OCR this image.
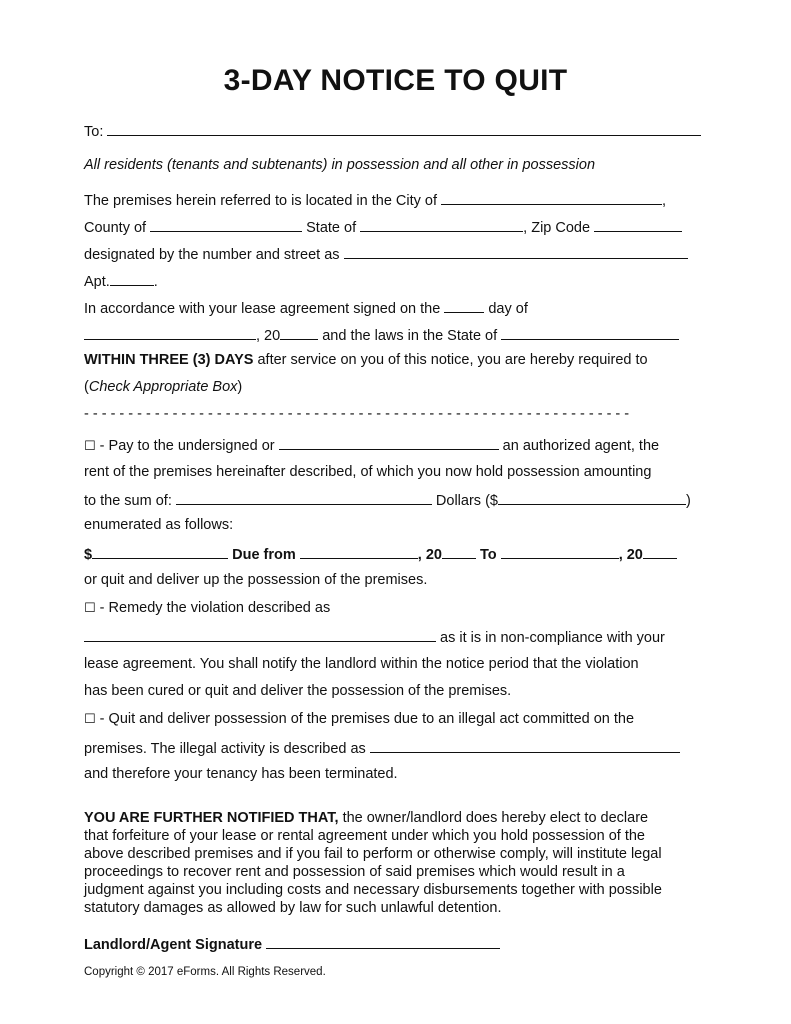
3-DAY NOTICE TO QUIT
To:
All residents (tenants and subtenants) in possession and all other in possession
The premises herein referred to is located in the City of	,
County of	State of	, Zip Code
designated by the number and street as
Apt.	.
In accordance with your lease agreement signed on the	day of
, 20	and the laws in the State of
WITHIN THREE (3) DAYS after service on you of this notice, you are hereby required to
(Check Appropriate Box)
- - - - - - - - - - - - - - - - - - - - - - - - - - - - - - - - - - - - - - - - - - - - - - - - - - - - - - - - - - - - - -
☐ - Pay to the undersigned or	an authorized agent, the
rent of the premises hereinafter described, of which you now hold possession amounting
to the sum of:	Dollars ($	)
enumerated as follows:
$	Due from	, 20	To	, 20
or quit and deliver up the possession of the premises.
☐ - Remedy the violation described as
as it is in non-compliance with your
lease agreement. You shall notify the landlord within the notice period that the violation
has been cured or quit and deliver the possession of the premises.
☐ - Quit and deliver possession of the premises due to an illegal act committed on the
premises. The illegal activity is described as
and therefore your tenancy has been terminated.
YOU ARE FURTHER NOTIFIED THAT, the owner/landlord does hereby elect to declare
that forfeiture of your lease or rental agreement under which you hold possession of the
above described premises and if you fail to perform or otherwise comply, will institute legal
proceedings to recover rent and possession of said premises which would result in a
judgment against you including costs and necessary disbursements together with possible
statutory damages as allowed by law for such unlawful detention.
Landlord/Agent Signature
Copyright © 2017 eForms. All Rights Reserved.
